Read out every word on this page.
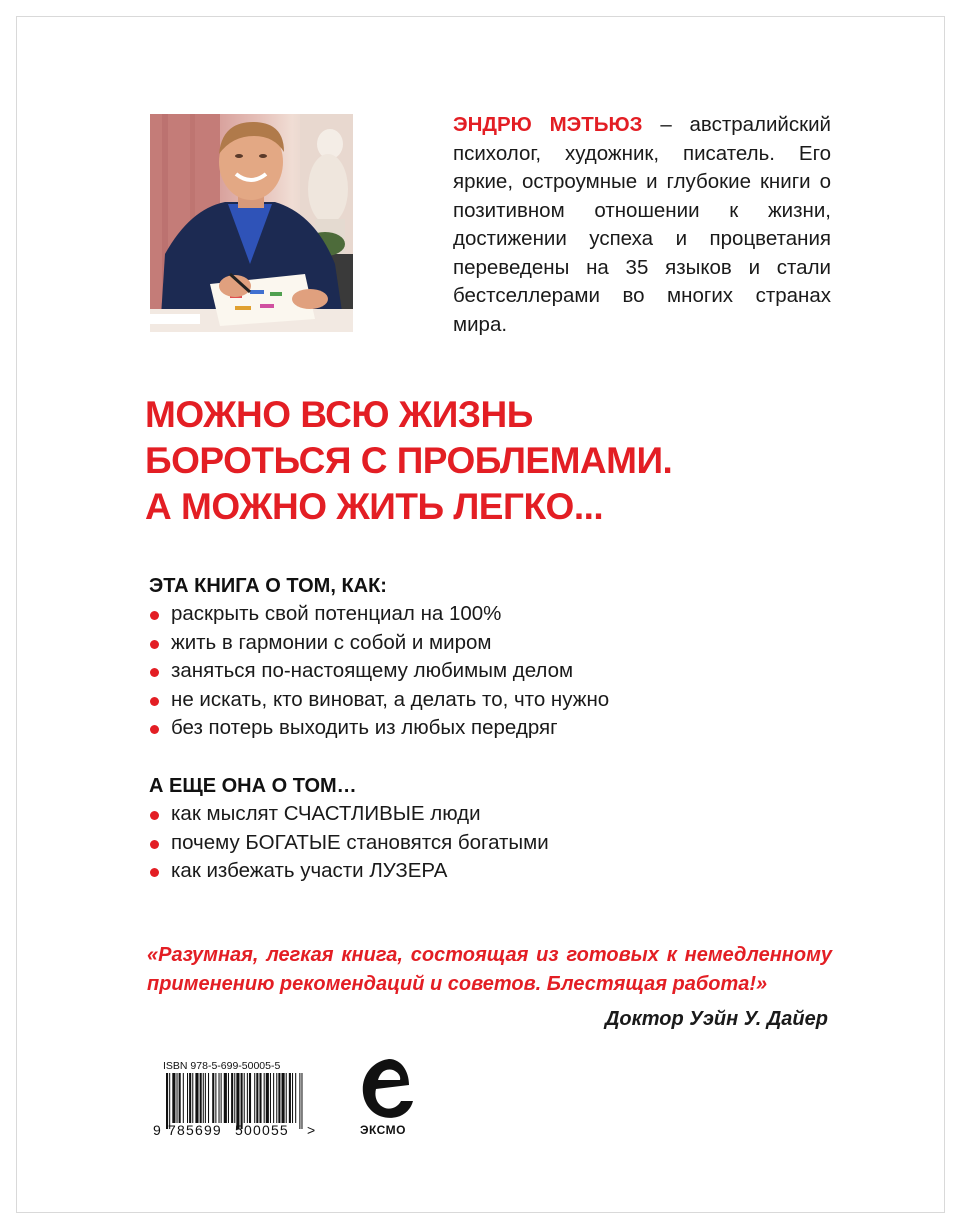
ЭНДРЮ МЭТЬЮЗ – австралийский психолог, художник, писатель. Его яркие, остроумные и глубокие книги о позитивном отношении к жизни, достижении успеха и процветания переведены на 35 языков и стали бестселлерами во многих странах мира.
МОЖНО ВСЮ ЖИЗНЬ
БОРОТЬСЯ С ПРОБЛЕМАМИ.
А МОЖНО ЖИТЬ ЛЕГКО...
ЭТА КНИГА О ТОМ, КАК:
раскрыть свой потенциал на 100%
жить в гармонии с собой и миром
заняться по-настоящему любимым делом
не искать, кто виноват, а делать то, что нужно
без потерь выходить из любых передряг
А ЕЩЕ ОНА О ТОМ…
как мыслят СЧАСТЛИВЫЕ люди
почему БОГАТЫЕ становятся богатыми
как избежать участи ЛУЗЕРА
«Разумная, легкая книга, состоящая из готовых к немедленному применению рекомендаций и советов. Блестящая работа!»
Доктор Уэйн У. Дайер
ISBN 978-5-699-50005-5
9 785699 500055 >	ЭКСМО
